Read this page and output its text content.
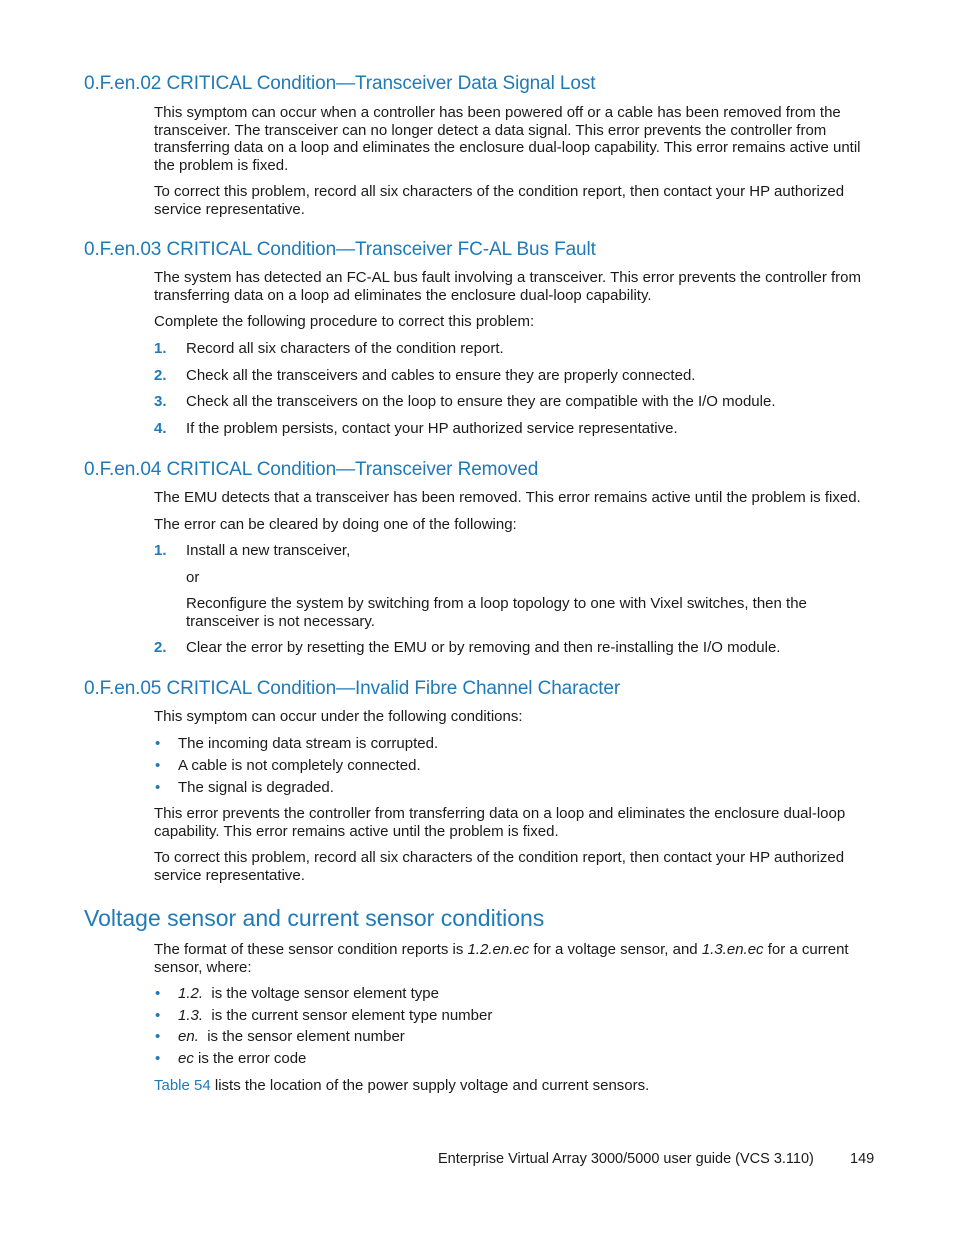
0.F.en.02 CRITICAL Condition—Transceiver Data Signal Lost

This symptom can occur when a controller has been powered off or a cable has been removed from the transceiver. The transceiver can no longer detect a data signal. This error prevents the controller from transferring data on a loop and eliminates the enclosure dual-loop capability. This error remains active until the problem is fixed.

To correct this problem, record all six characters of the condition report, then contact your HP authorized service representative.

0.F.en.03 CRITICAL Condition—Transceiver FC-AL Bus Fault

The system has detected an FC-AL bus fault involving a transceiver. This error prevents the controller from transferring data on a loop ad eliminates the enclosure dual-loop capability.

Complete the following procedure to correct this problem:

1. Record all six characters of the condition report.

2. Check all the transceivers and cables to ensure they are properly connected.

3. Check all the transceivers on the loop to ensure they are compatible with the I/O module.

4. If the problem persists, contact your HP authorized service representative.

0.F.en.04 CRITICAL Condition—Transceiver Removed

The EMU detects that a transceiver has been removed. This error remains active until the problem is fixed.

The error can be cleared by doing one of the following:

1. Install a new transceiver,

or

Reconfigure the system by switching from a loop topology to one with Vixel switches, then the transceiver is not necessary.

2. Clear the error by resetting the EMU or by removing and then re-installing the I/O module.

0.F.en.05 CRITICAL Condition—Invalid Fibre Channel Character

This symptom can occur under the following conditions:

• The incoming data stream is corrupted.

• A cable is not completely connected.

• The signal is degraded.

This error prevents the controller from transferring data on a loop and eliminates the enclosure dual-loop capability. This error remains active until the problem is fixed.

To correct this problem, record all six characters of the condition report, then contact your HP authorized service representative.

Voltage sensor and current sensor conditions

The format of these sensor condition reports is 1.2.en.ec for a voltage sensor, and 1.3.en.ec for a current sensor, where:

• 1.2.  is the voltage sensor element type

• 1.3.  is the current sensor element type number

• en.  is the sensor element number

• ec is the error code

Table 54 lists the location of the power supply voltage and current sensors.

Enterprise Virtual Array 3000/5000 user guide (VCS 3.110) 149
